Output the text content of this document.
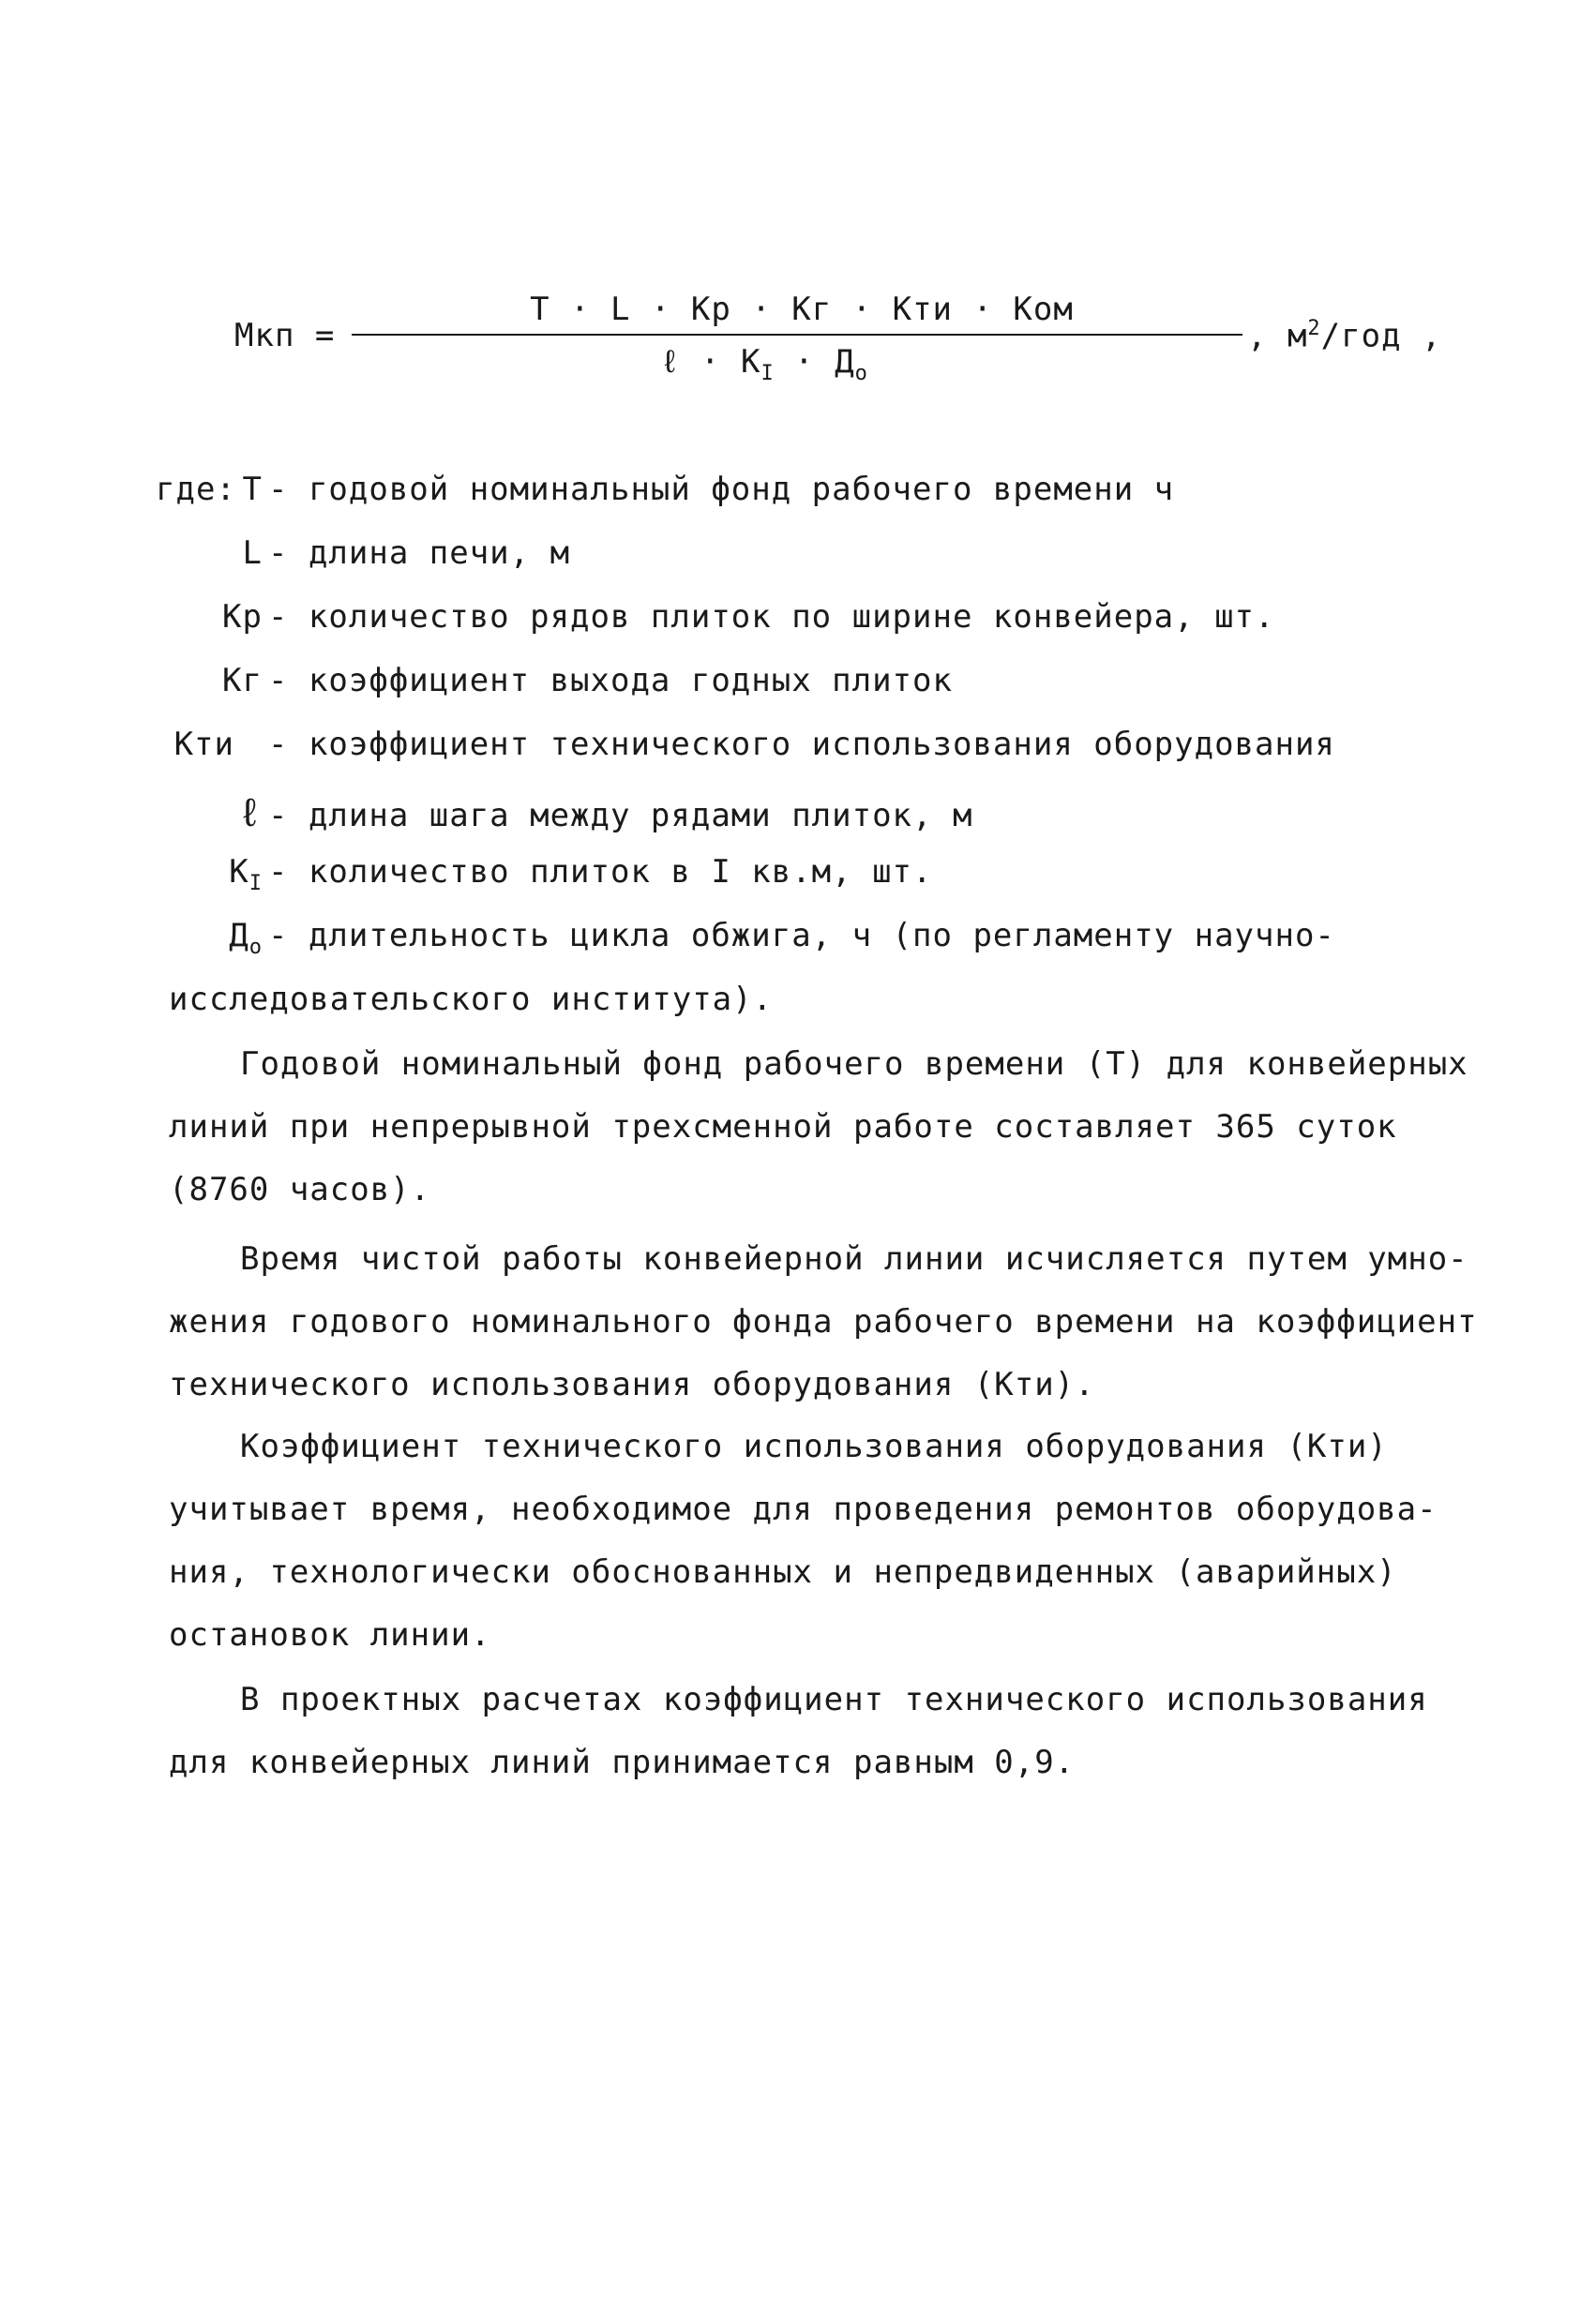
Мкп =
Т · L · Кр · Кг · Кти · Ком
ℓ · $К_I \cdot Д_о$
, $м^2$/год ,
где: Т - годовой номинальный фонд рабочего времени ч
L - длина печи, м
Кр - количество рядов плиток по ширине конвейера, шт.
Кг - коэффициент выхода годных плиток
Кти - коэффициент технического использования оборудования
ℓ - длина шага между рядами плиток, м
$К_I$ - количество плиток в I кв.м, шт.
$Д_о$ - длительность цикла обжига, ч (по регламенту научно-
исследовательского института).
Годовой номинальный фонд рабочего времени (Т) для конвейерных
линий при непрерывной трехсменной работе составляет 365 суток
(8760 часов).
Время чистой работы конвейерной линии исчисляется путем умно-
жения годового номинального фонда рабочего времени на коэффициент
технического использования оборудования (Кти).
Коэффициент технического использования оборудования (Кти)
учитывает время, необходимое для проведения ремонтов оборудова-
ния, технологически обоснованных и непредвиденных (аварийных)
остановок линии.
В проектных расчетах коэффициент технического использования
для конвейерных линий принимается равным 0,9.
